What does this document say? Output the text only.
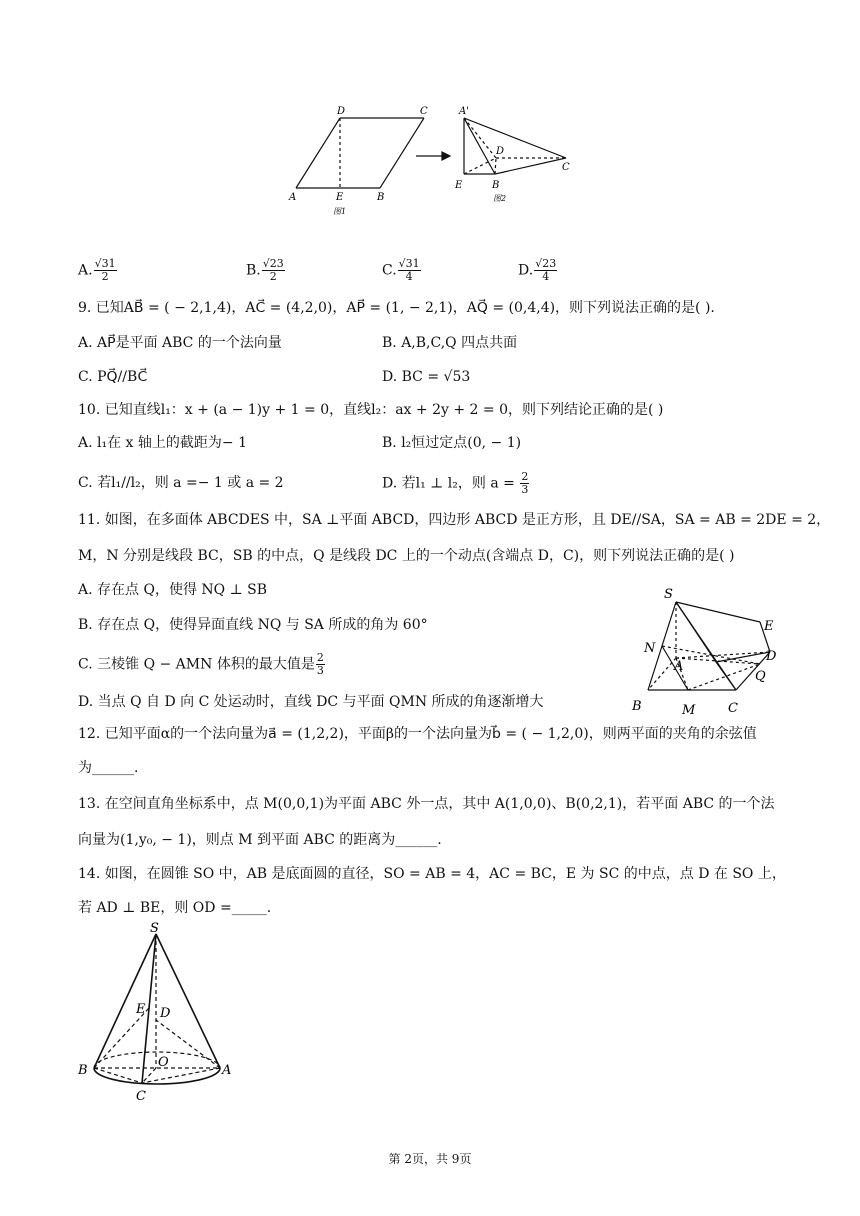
A	E	B
D	C
图1
A'
D
C
E	B
图2
A. $\frac{√31}{2}$	B. $\frac{√23}{2}$	C. $\frac{√31}{4}$	D. $\frac{√23}{4}$
9. 已知AB⃗ = ( − 2,1,4)，AC⃗ = (4,2,0)，AP⃗ = (1, − 2,1)，AQ⃗ = (0,4,4)，则下列说法正确的是( ).
A. AP⃗是平面 ABC 的一个法向量	B. A,B,C,Q 四点共面
C. PQ⃗//BC⃗	D. BC = √53
10. 已知直线l₁：x + (a − 1)y + 1 = 0，直线l₂：ax + 2y + 2 = 0，则下列结论正确的是( )
A. l₁在 x 轴上的截距为− 1	B. l₂恒过定点(0, − 1)
C. 若l₁//l₂，则 a =− 1 或 a = 2	D. 若l₁ ⊥ l₂，则 $a = \frac{2}{3}$
11. 如图，在多面体 ABCDES 中，SA ⊥平面 ABCD，四边形 ABCD 是正方形，且 DE//SA，SA = AB = 2DE = 2，
M，N 分别是线段 BC，SB 的中点，Q 是线段 DC 上的一个动点(含端点 D，C)，则下列说法正确的是( )
A. 存在点 Q，使得 NQ ⊥ SB
B. 存在点 Q，使得异面直线 NQ 与 SA 所成的角为 60°
C. 三棱锥 Q − AMN 体积的最大值是 $\frac{2}{3}$
D. 当点 Q 自 D 向 C 处运动时，直线 DC 与平面 QMN 所成的角逐渐增大
S
E
N
A
D
Q
B	M	C
12. 已知平面α的一个法向量为a⃗ = (1,2,2)，平面β的一个法向量为b⃗ = ( − 1,2,0)，则两平面的夹角的余弦值
为______.
13. 在空间直角坐标系中，点 M(0,0,1)为平面 ABC 外一点，其中 A(1,0,0)、B(0,2,1)，若平面 ABC 的一个法
向量为(1,y₀, − 1)，则点 M 到平面 ABC 的距离为______.
14. 如图，在圆锥 SO 中，AB 是底面圆的直径，SO = AB = 4，AC = BC，E 为 SC 的中点，点 D 在 SO 上，
若 AD ⊥ BE，则 OD =_____.
S
E D
B
O
A
C
第 2页，共 9页
